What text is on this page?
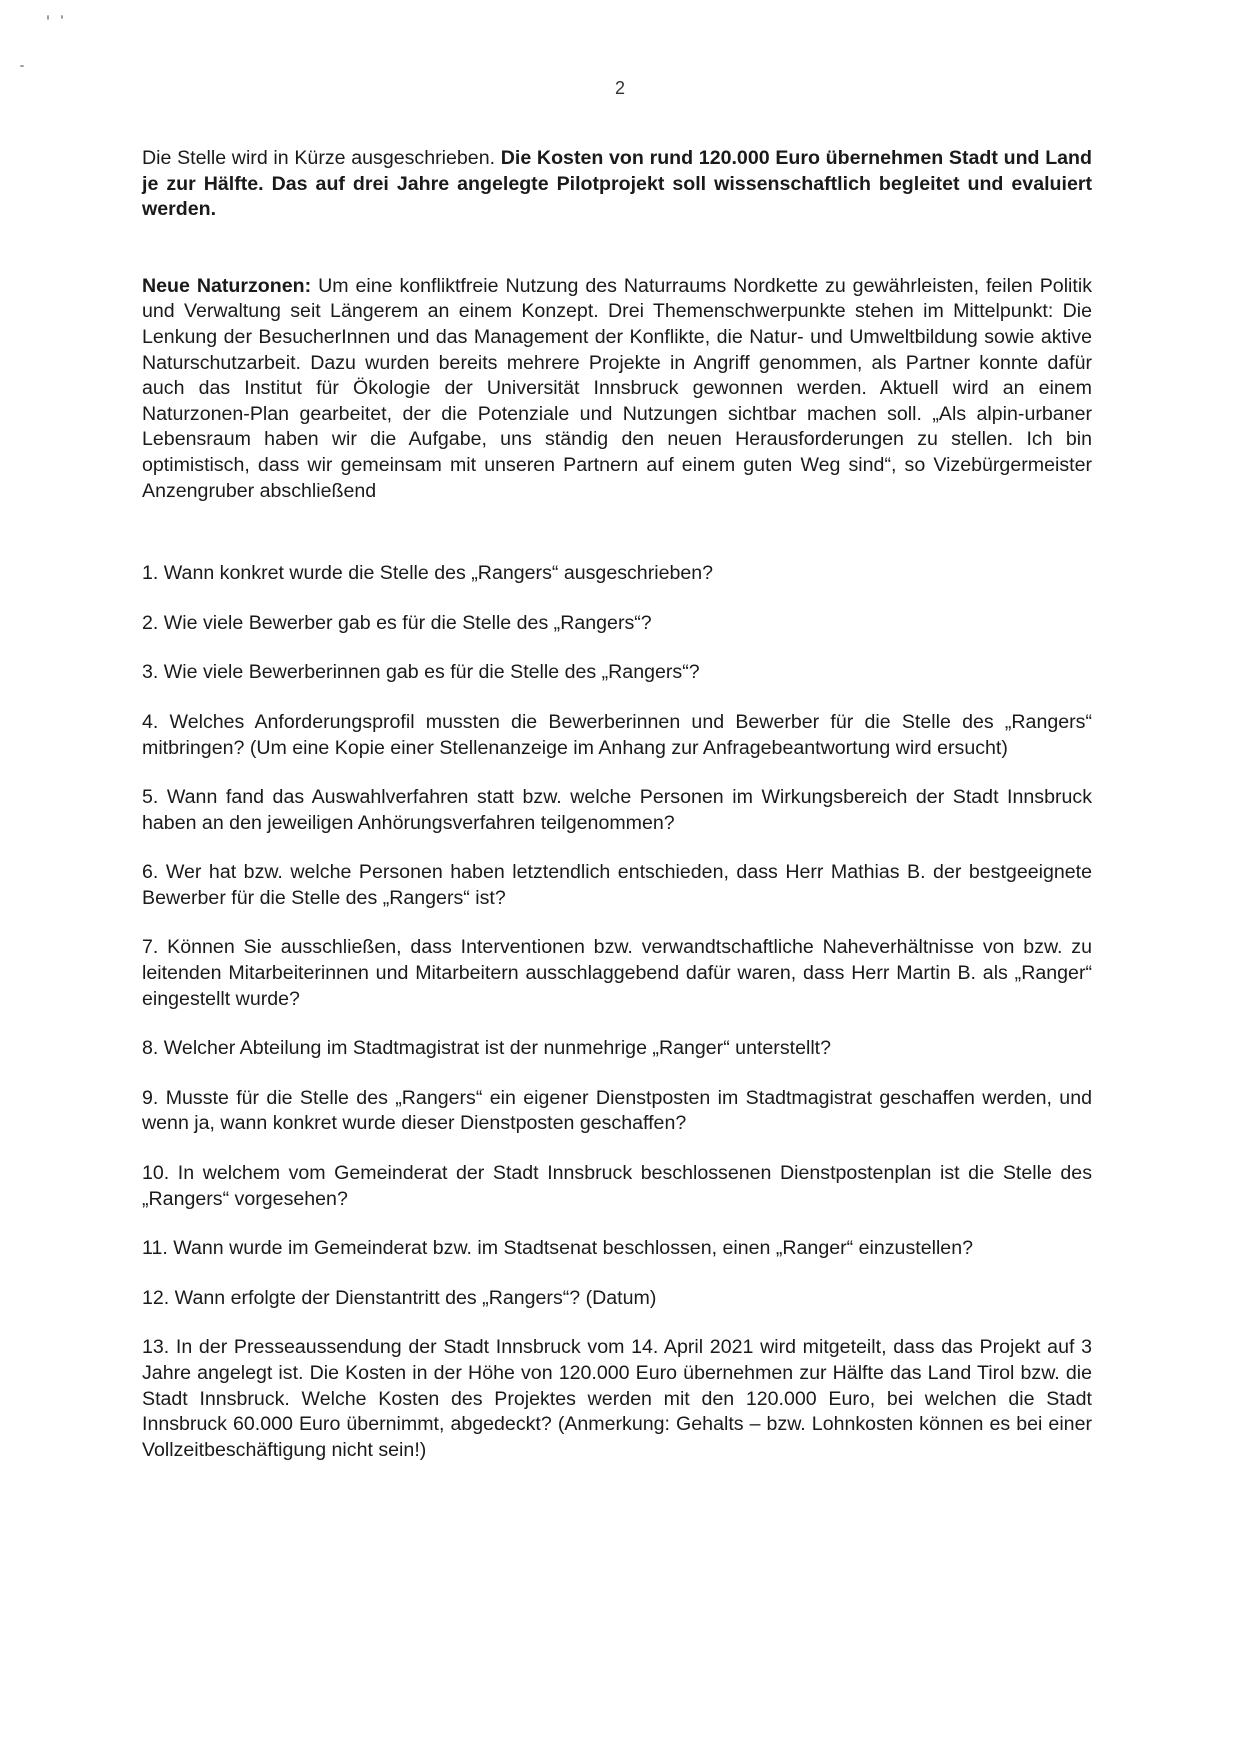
2

Die Stelle wird in Kürze ausgeschrieben. Die Kosten von rund 120.000 Euro übernehmen Stadt und Land je zur Hälfte. Das auf drei Jahre angelegte Pilotprojekt soll wissenschaftlich begleitet und evaluiert werden.

Neue Naturzonen: Um eine konfliktfreie Nutzung des Naturraums Nordkette zu gewährleisten, feilen Politik und Verwaltung seit Längerem an einem Konzept. Drei Themenschwerpunkte stehen im Mittelpunkt: Die Lenkung der BesucherInnen und das Management der Konflikte, die Natur- und Umweltbildung sowie aktive Naturschutzarbeit. Dazu wurden bereits mehrere Projekte in Angriff genommen, als Partner konnte dafür auch das Institut für Ökologie der Universität Innsbruck gewonnen werden. Aktuell wird an einem Naturzonen-Plan gearbeitet, der die Potenziale und Nutzungen sichtbar machen soll. „Als alpin-urbaner Lebensraum haben wir die Aufgabe, uns ständig den neuen Herausforderungen zu stellen. Ich bin optimistisch, dass wir gemeinsam mit unseren Partnern auf einem guten Weg sind“, so Vizebürgermeister Anzengruber abschließend

1. Wann konkret wurde die Stelle des „Rangers“ ausgeschrieben?

2. Wie viele Bewerber gab es für die Stelle des „Rangers“?

3. Wie viele Bewerberinnen gab es für die Stelle des „Rangers“?

4. Welches Anforderungsprofil mussten die Bewerberinnen und Bewerber für die Stelle des „Rangers“ mitbringen? (Um eine Kopie einer Stellenanzeige im Anhang zur Anfragebeantwortung wird ersucht)

5. Wann fand das Auswahlverfahren statt bzw. welche Personen im Wirkungsbereich der Stadt Innsbruck haben an den jeweiligen Anhörungsverfahren teilgenommen?

6. Wer hat bzw. welche Personen haben letztendlich entschieden, dass Herr Mathias B. der bestgeeignete Bewerber für die Stelle des „Rangers“ ist?

7. Können Sie ausschließen, dass Interventionen bzw. verwandtschaftliche Naheverhältnisse von bzw. zu leitenden Mitarbeiterinnen und Mitarbeitern ausschlaggebend dafür waren, dass Herr Martin B. als „Ranger“ eingestellt wurde?

8. Welcher Abteilung im Stadtmagistrat ist der nunmehrige „Ranger“ unterstellt?

9. Musste für die Stelle des „Rangers“ ein eigener Dienstposten im Stadtmagistrat geschaffen werden, und wenn ja, wann konkret wurde dieser Dienstposten geschaffen?

10. In welchem vom Gemeinderat der Stadt Innsbruck beschlossenen Dienstpostenplan ist die Stelle des „Rangers“ vorgesehen?

11. Wann wurde im Gemeinderat bzw. im Stadtsenat beschlossen, einen „Ranger“ einzustellen?

12. Wann erfolgte der Dienstantritt des „Rangers“? (Datum)

13. In der Presseaussendung der Stadt Innsbruck vom 14. April 2021 wird mitgeteilt, dass das Projekt auf 3 Jahre angelegt ist. Die Kosten in der Höhe von 120.000 Euro übernehmen zur Hälfte das Land Tirol bzw. die Stadt Innsbruck. Welche Kosten des Projektes werden mit den 120.000 Euro, bei welchen die Stadt Innsbruck 60.000 Euro übernimmt, abgedeckt? (Anmerkung: Gehalts – bzw. Lohnkosten können es bei einer Vollzeitbeschäftigung nicht sein!)
